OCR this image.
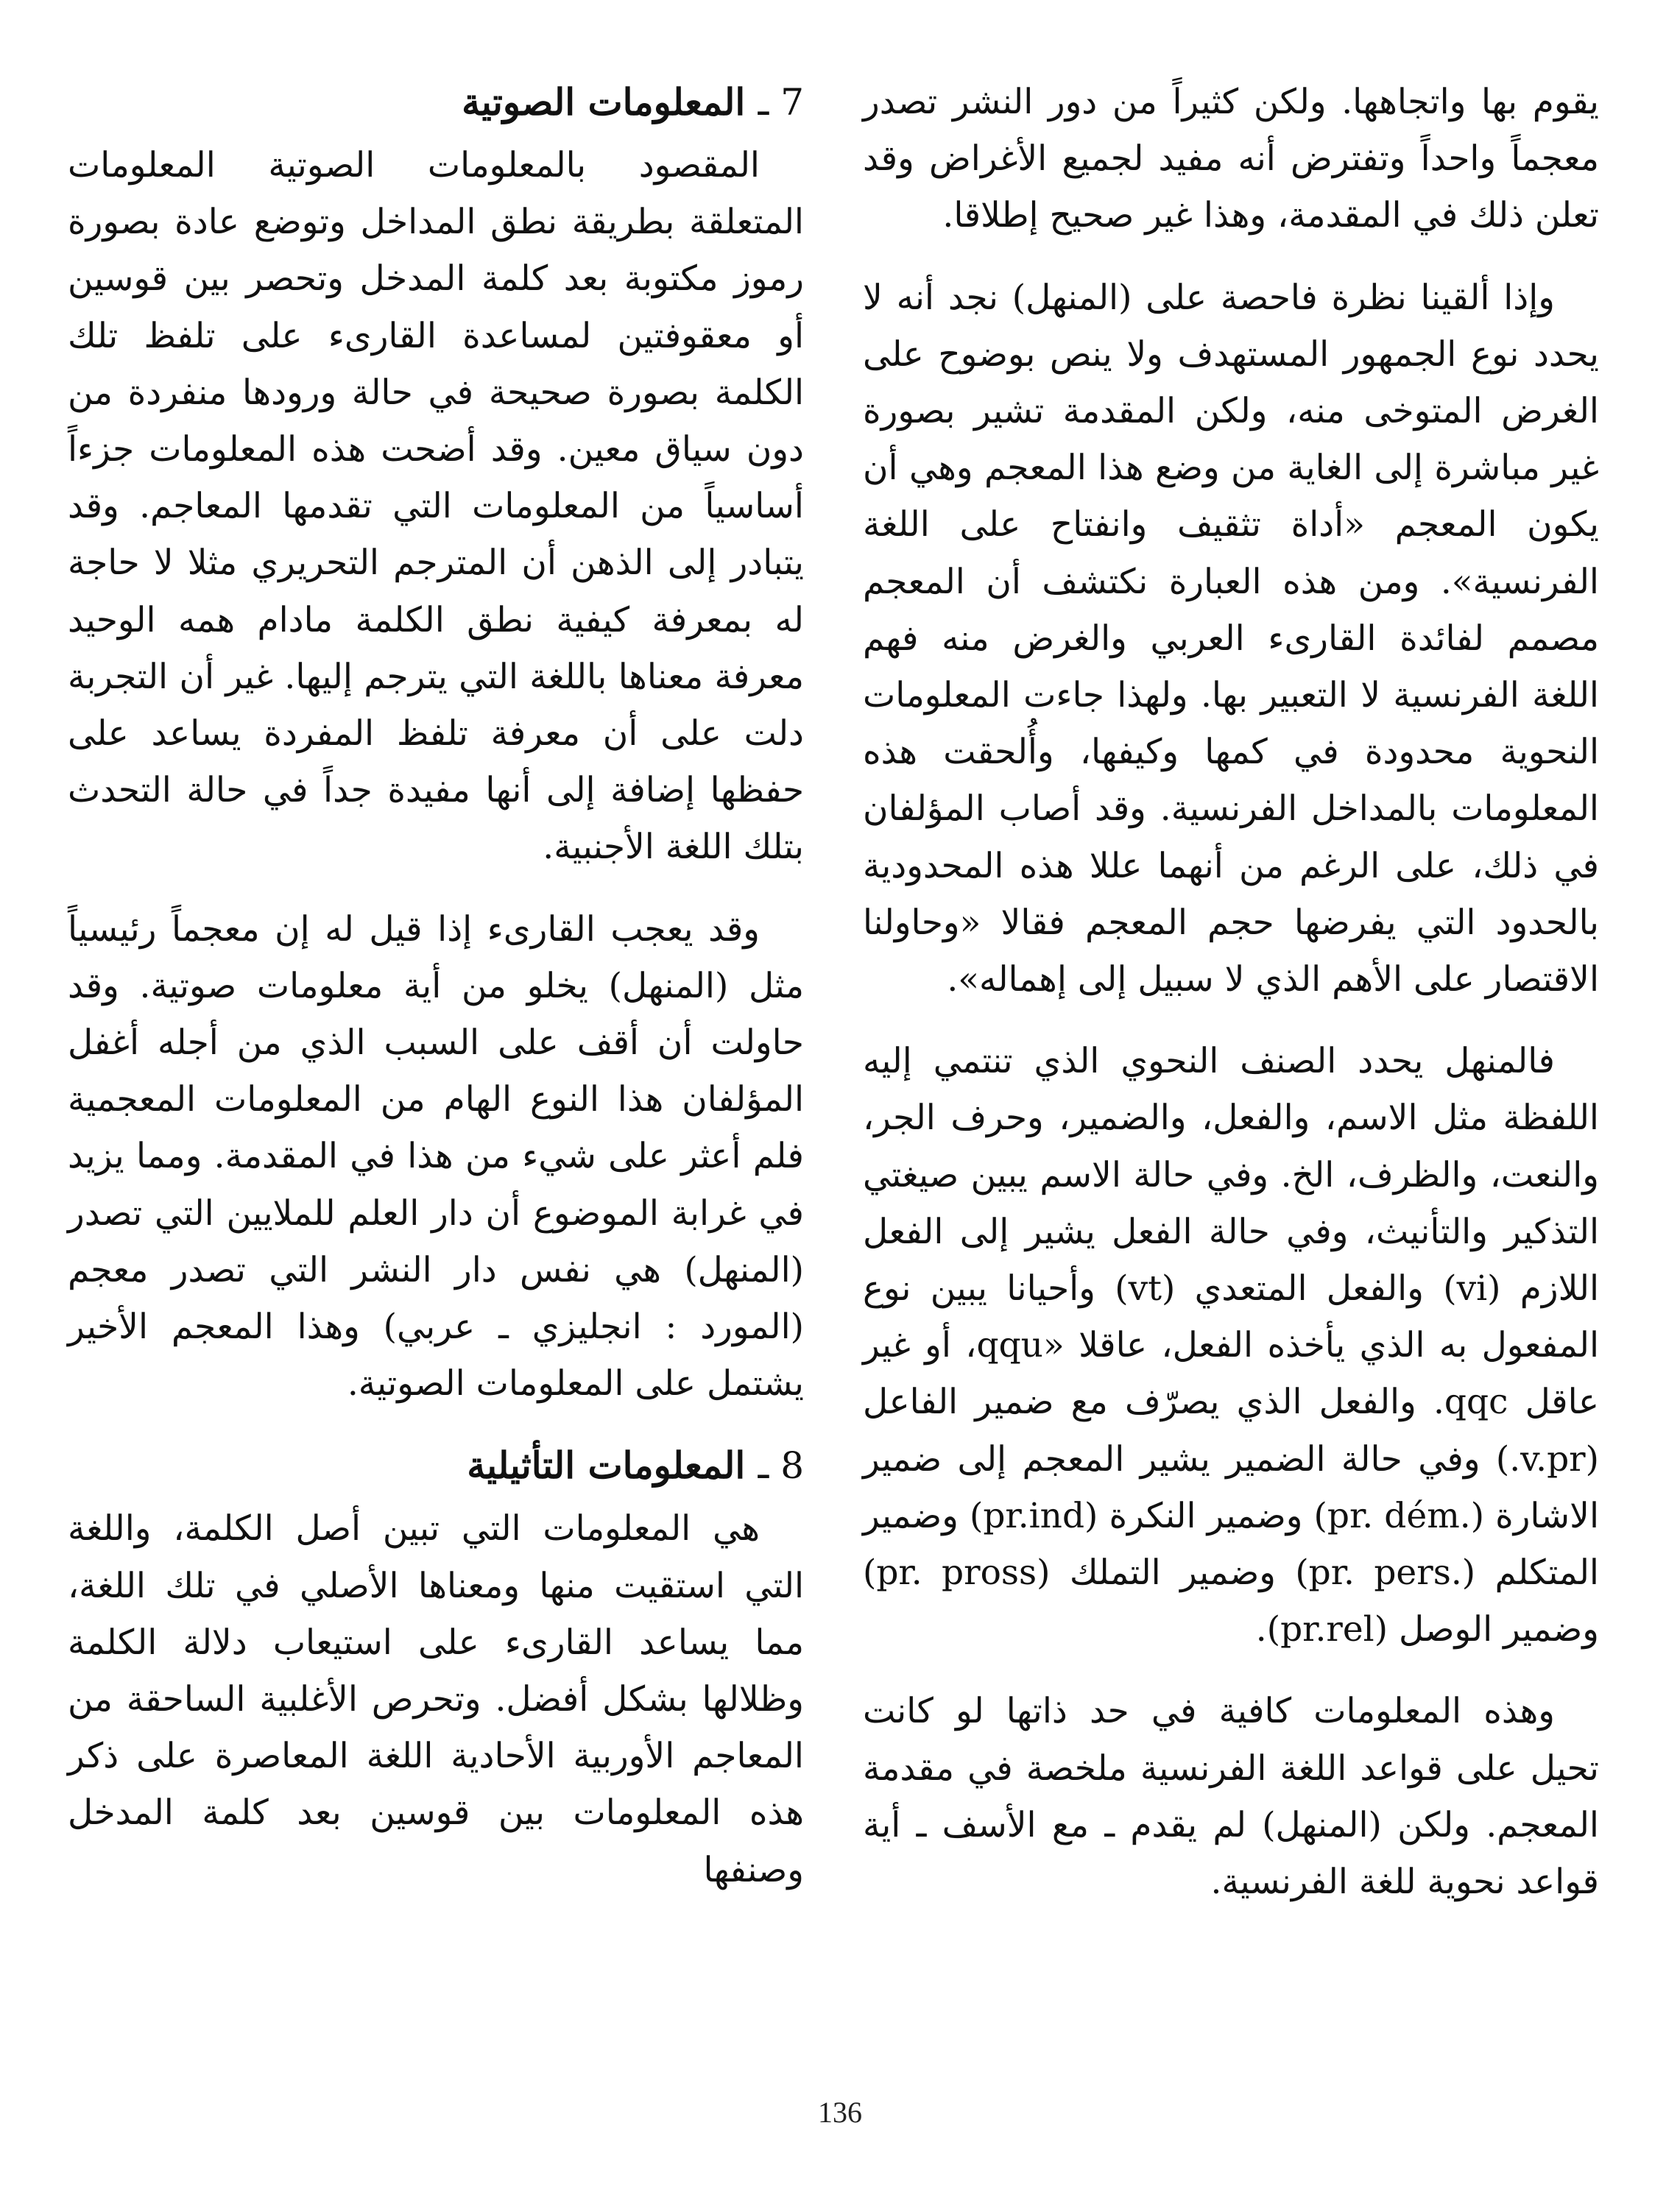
يقوم بها واتجاهها. ولكن كثيراً من دور النشر تصدر معجماً واحداً وتفترض أنه مفيد لجميع الأغراض وقد تعلن ذلك في المقدمة، وهذا غير صحيح إطلاقا.

وإذا ألقينا نظرة فاحصة على (المنهل) نجد أنه لا يحدد نوع الجمهور المستهدف ولا ينص بوضوح على الغرض المتوخى منه، ولكن المقدمة تشير بصورة غير مباشرة إلى الغاية من وضع هذا المعجم وهي أن يكون المعجم «أداة تثقيف وانفتاح على اللغة الفرنسية». ومن هذه العبارة نكتشف أن المعجم مصمم لفائدة القارىء العربي والغرض منه فهم اللغة الفرنسية لا التعبير بها. ولهذا جاءت المعلومات النحوية محدودة في كمها وكيفها، وأُلحقت هذه المعلومات بالمداخل الفرنسية. وقد أصاب المؤلفان في ذلك، على الرغم من أنهما عللا هذه المحدودية بالحدود التي يفرضها حجم المعجم فقالا «وحاولنا الاقتصار على الأهم الذي لا سبيل إلى إهماله».

فالمنهل يحدد الصنف النحوي الذي تنتمي إليه اللفظة مثل الاسم، والفعل، والضمير، وحرف الجر، والنعت، والظرف، الخ. وفي حالة الاسم يبين صيغتي التذكير والتأنيث، وفي حالة الفعل يشير إلى الفعل اللازم (vi) والفعل المتعدي (vt) وأحيانا يبين نوع المفعول به الذي يأخذه الفعل، عاقلا «qqu، أو غير عاقل qqc. والفعل الذي يصرّف مع ضمير الفاعل (v.pr.) وفي حالة الضمير يشير المعجم إلى ضمير الاشارة (.pr. dém) وضمير النكرة (pr.ind) وضمير المتكلم (.pr. pers) وضمير التملك (pr. pross) وضمير الوصل (pr.rel).

وهذه المعلومات كافية في حد ذاتها لو كانت تحيل على قواعد اللغة الفرنسية ملخصة في مقدمة المعجم. ولكن (المنهل) لم يقدم ـ مع الأسف ـ أية قواعد نحوية للغة الفرنسية.

7 ـ المعلومات الصوتية

المقصود بالمعلومات الصوتية المعلومات المتعلقة بطريقة نطق المداخل وتوضع عادة بصورة رموز مكتوبة بعد كلمة المدخل وتحصر بين قوسين أو معقوفتين لمساعدة القارىء على تلفظ تلك الكلمة بصورة صحيحة في حالة ورودها منفردة من دون سياق معين. وقد أضحت هذه المعلومات جزءاً أساسياً من المعلومات التي تقدمها المعاجم. وقد يتبادر إلى الذهن أن المترجم التحريري مثلا لا حاجة له بمعرفة كيفية نطق الكلمة مادام همه الوحيد معرفة معناها باللغة التي يترجم إليها. غير أن التجربة دلت على أن معرفة تلفظ المفردة يساعد على حفظها إضافة إلى أنها مفيدة جداً في حالة التحدث بتلك اللغة الأجنبية.

وقد يعجب القارىء إذا قيل له إن معجماً رئيسياً مثل (المنهل) يخلو من أية معلومات صوتية. وقد حاولت أن أقف على السبب الذي من أجله أغفل المؤلفان هذا النوع الهام من المعلومات المعجمية فلم أعثر على شيء من هذا في المقدمة. ومما يزيد في غرابة الموضوع أن دار العلم للملايين التي تصدر (المنهل) هي نفس دار النشر التي تصدر معجم (المورد : انجليزي ـ عربي) وهذا المعجم الأخير يشتمل على المعلومات الصوتية.

8 ـ المعلومات التأثيلية

هي المعلومات التي تبين أصل الكلمة، واللغة التي استقيت منها ومعناها الأصلي في تلك اللغة، مما يساعد القارىء على استيعاب دلالة الكلمة وظلالها بشكل أفضل. وتحرص الأغلبية الساحقة من المعاجم الأوربية الأحادية اللغة المعاصرة على ذكر هذه المعلومات بين قوسين بعد كلمة المدخل وصنفها

136
